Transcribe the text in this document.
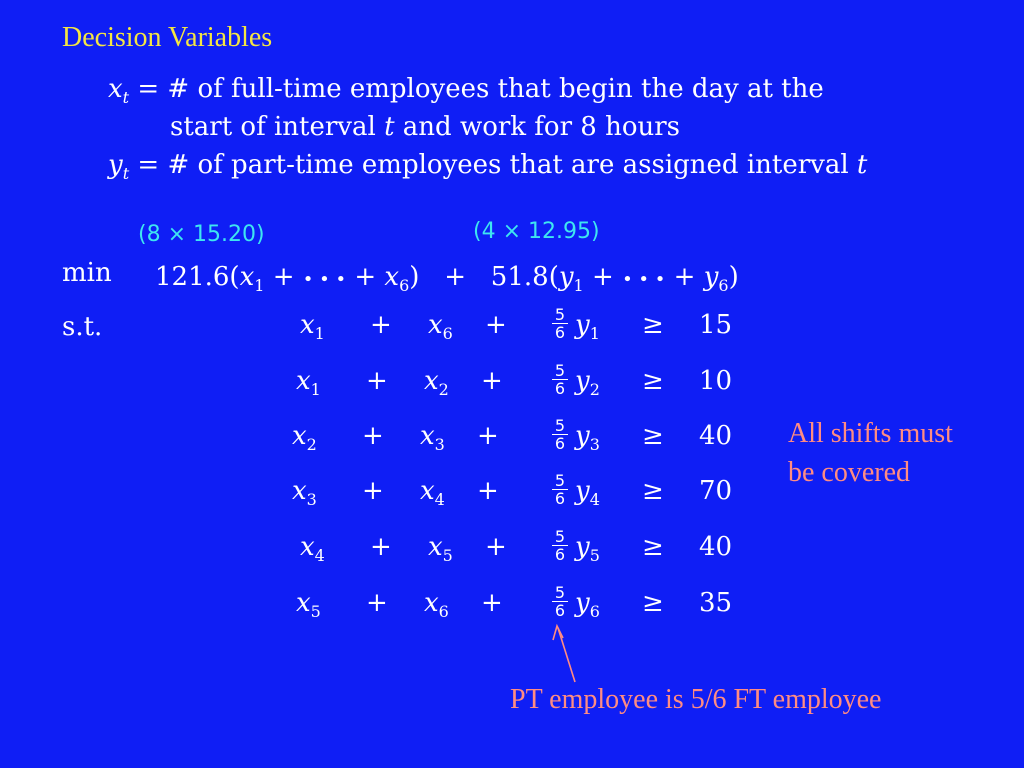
Decision Variables
$x_t$ = # of full-time employees that begin the day at the
start of interval t and work for 8 hours
$y_t$ = # of part-time employees that are assigned interval t
(8 × 15.20)	(4 × 12.95)
$\min 121.6(x_1$ + • • • + $x_6) + 51.8(y_1$ + • • • + $y_6$)
s.t.	$x_1 + x_6$ +	$\frac{5}{6} y_1 \ge 15$
$x_1 + x_2$ +	$\frac{5}{6} y_2 \ge 10$
$x_2 + x_3$ +	$\frac{5}{6} y_3 \ge 40$
$x_3 + x_4$ +	$\frac{5}{6} y_4 \ge 70$
$x_4 + x_5$ +	$\frac{5}{6} y_5 \ge 40$
$x_5 + x_6$ +	$\frac{5}{6} y_6 \ge 35$
All shifts must
be covered
PT employee is 5/6 FT employee
